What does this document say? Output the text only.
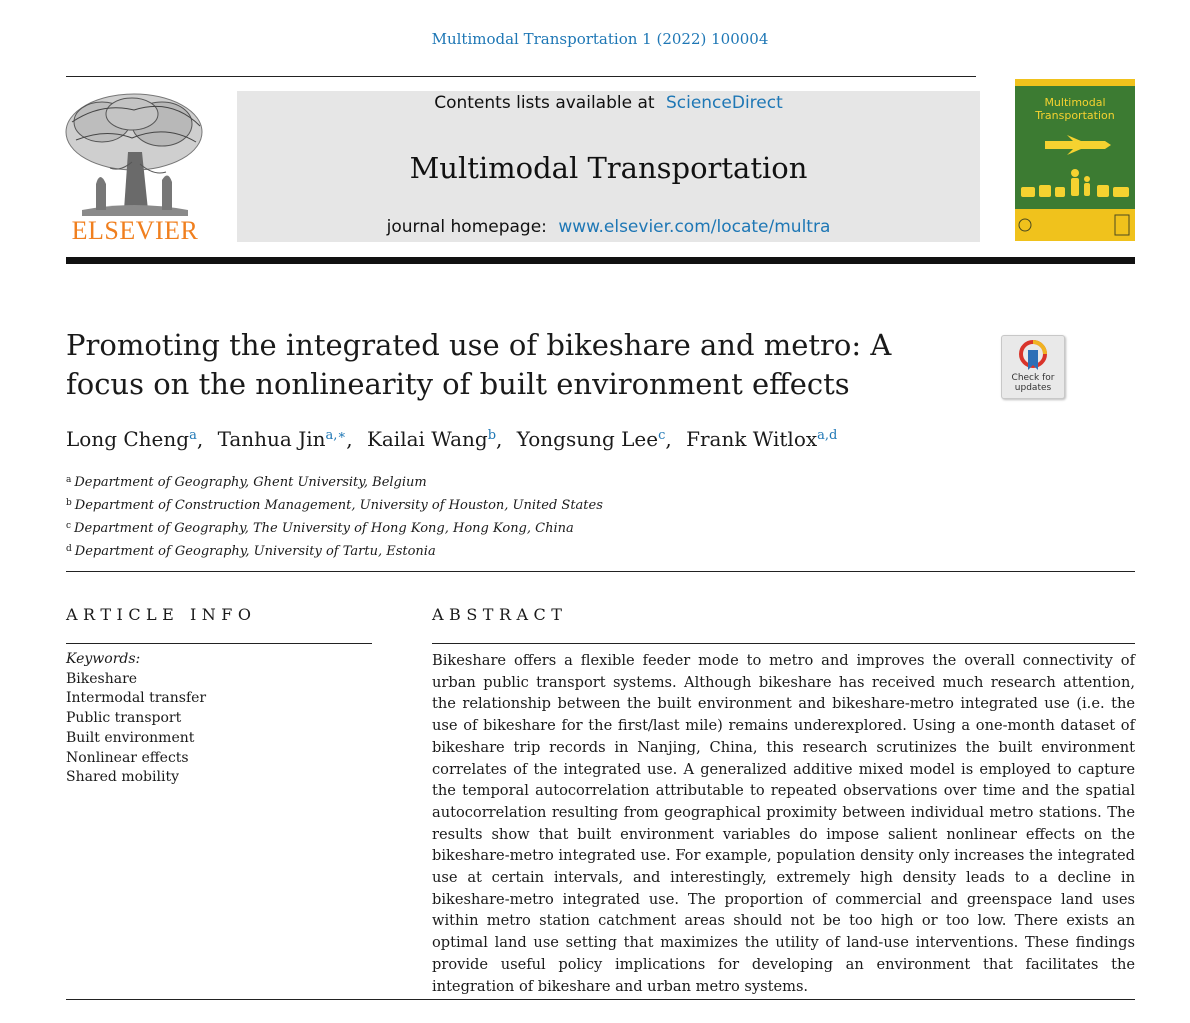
Multimodal Transportation 1 (2022) 100004
ELSEVIER
Contents lists available at ScienceDirect
Multimodal Transportation
journal homepage: www.elsevier.com/locate/multra
Multimodal
Transportation
Promoting the integrated use of bikeshare and metro: A focus on the nonlinearity of built environment effects	Check for
updates
Long Cheng$^a$, Tanhua Jin$^{a,∗}$, Kailai Wang$^b$, Yongsung Lee$^c$, Frank Witlox$^{a,d}$
$^a$ Department of Geography, Ghent University, Belgium
$^b$ Department of Construction Management, University of Houston, United States
$^c$ Department of Geography, The University of Hong Kong, Hong Kong, China
$^d$ Department of Geography, University of Tartu, Estonia
ARTICLE INFO
Keywords:
Bikeshare
Intermodal transfer
Public transport
Built environment
Nonlinear effects
Shared mobility
ABSTRACT
Bikeshare offers a flexible feeder mode to metro and improves the overall connectivity of urban public transport systems. Although bikeshare has received much research attention, the relationship between the built environment and bikeshare-metro integrated use (i.e. the use of bikeshare for the first/last mile) remains underexplored. Using a one-month dataset of bikeshare trip records in Nanjing, China, this research scrutinizes the built environment correlates of the integrated use. A generalized additive mixed model is employed to capture the temporal autocorrelation attributable to repeated observations over time and the spatial autocorrelation resulting from geographical proximity between individual metro stations. The results show that built environment variables do impose salient nonlinear effects on the bikeshare-metro integrated use. For example, population density only increases the integrated use at certain intervals, and interestingly, extremely high density leads to a decline in bikeshare-metro integrated use. The proportion of commercial and greenspace land uses within metro station catchment areas should not be too high or too low. There exists an optimal land use setting that maximizes the utility of land-use interventions. These findings provide useful policy implications for developing an environment that facilitates the integration of bikeshare and urban metro systems.
